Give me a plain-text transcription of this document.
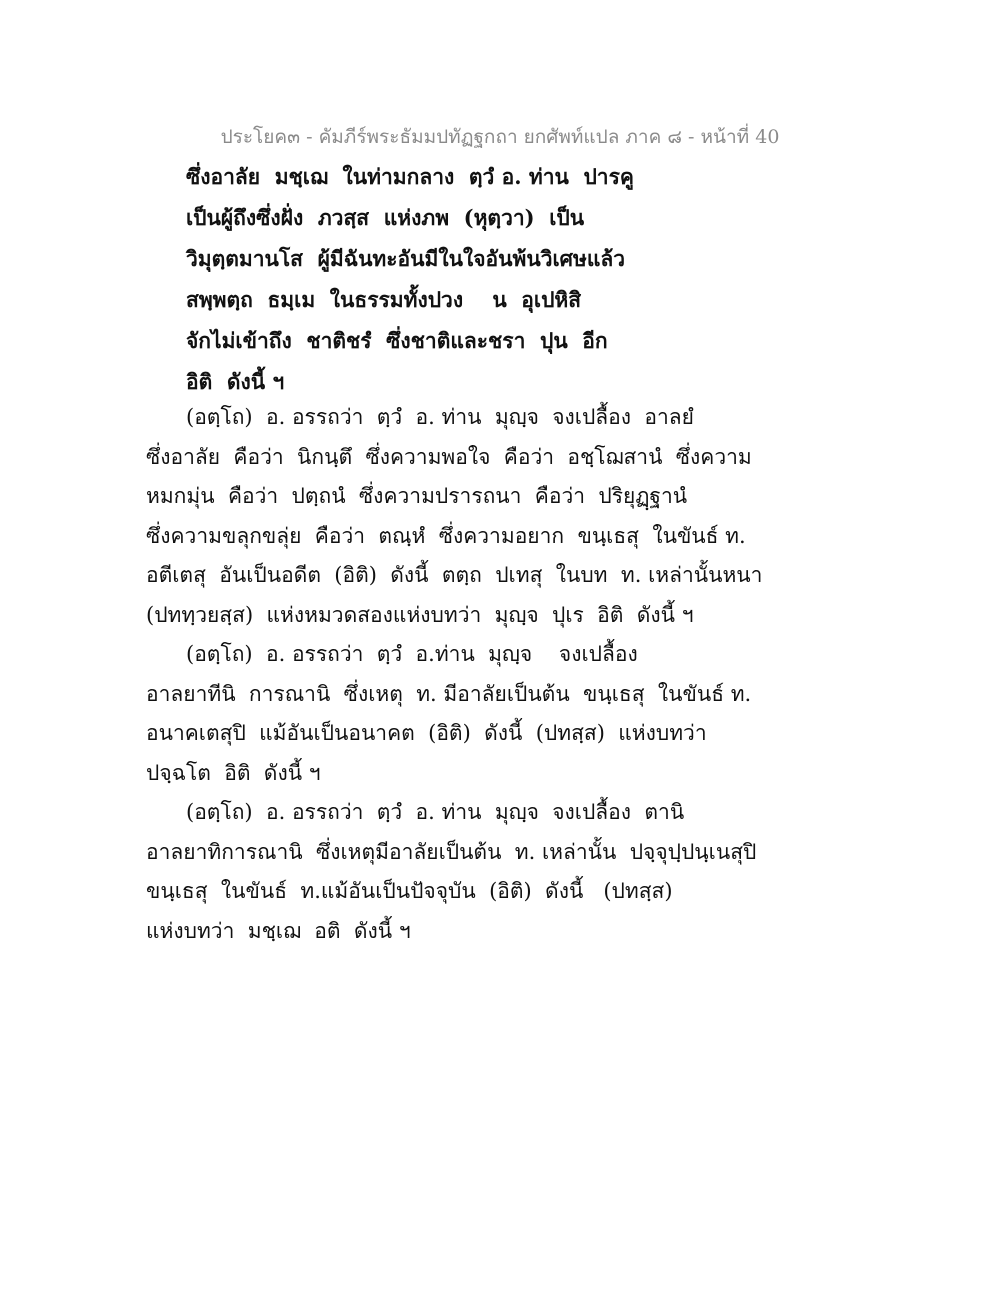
ประโยค๓ - คัมภีร์พระธัมมปทัฏฐกถา ยกศัพท์แปล ภาค ๘ - หน้าที่ 40
ซึ่งอาลัย  มชฺเฌ  ในท่ามกลาง  ตฺวํ อ. ท่าน  ปารคู
เป็นผู้ถึงซึ่งฝั่ง  ภวสฺส  แห่งภพ  (หุตฺวา)  เป็น
วิมุตฺตมานโส  ผู้มีฉันทะอันมีในใจอันพ้นวิเศษแล้ว
สพฺพตฺถ  ธมฺเม  ในธรรมทั้งปวง    น  อุเปหิสิ
จักไม่เข้าถึง  ชาติชรํ  ซึ่งชาติและชรา  ปุน  อีก
อิติ  ดังนี้ ฯ
(อตฺโถ)  อ. อรรถว่า  ตฺวํ  อ. ท่าน  มุญฺจ  จงเปลื้อง  อาลยํ
ซึ่งอาลัย  คือว่า  นิกนฺตึ  ซึ่งความพอใจ  คือว่า  อชฺโฌสานํ  ซึ่งความ
หมกมุ่น  คือว่า  ปตฺถนํ  ซึ่งความปรารถนา  คือว่า  ปริยุฏฺฐานํ
ซึ่งความขลุกขลุ่ย  คือว่า  ตณฺหํ  ซึ่งความอยาก  ขนฺเธสุ  ในขันธ์ ท.
อตีเตสุ  อันเป็นอดีต  (อิติ)  ดังนี้  ตตฺถ  ปเทสุ  ในบท  ท. เหล่านั้นหนา
(ปททฺวยสฺส)  แห่งหมวดสองแห่งบทว่า  มุญฺจ  ปุเร  อิติ  ดังนี้ ฯ
(อตฺโถ)  อ. อรรถว่า  ตฺวํ  อ.ท่าน  มุญฺจ    จงเปลื้อง
อาลยาทีนิ  การณานิ  ซึ่งเหตุ  ท. มีอาลัยเป็นต้น  ขนฺเธสุ  ในขันธ์ ท.
อนาคเตสุปิ  แม้อันเป็นอนาคต  (อิติ)  ดังนี้  (ปทสฺส)  แห่งบทว่า
ปจฺฉโต  อิติ  ดังนี้ ฯ
(อตฺโถ)  อ. อรรถว่า  ตฺวํ  อ. ท่าน  มุญฺจ  จงเปลื้อง  ตานิ
อาลยาทิการณานิ  ซึ่งเหตุมีอาลัยเป็นต้น  ท. เหล่านั้น  ปจฺจุปฺปนฺเนสุปิ
ขนฺเธสุ  ในขันธ์  ท.แม้อันเป็นปัจจุบัน  (อิติ)  ดังนี้   (ปทสฺส)
แห่งบทว่า  มชฺเฌ  อติ  ดังนี้ ฯ
